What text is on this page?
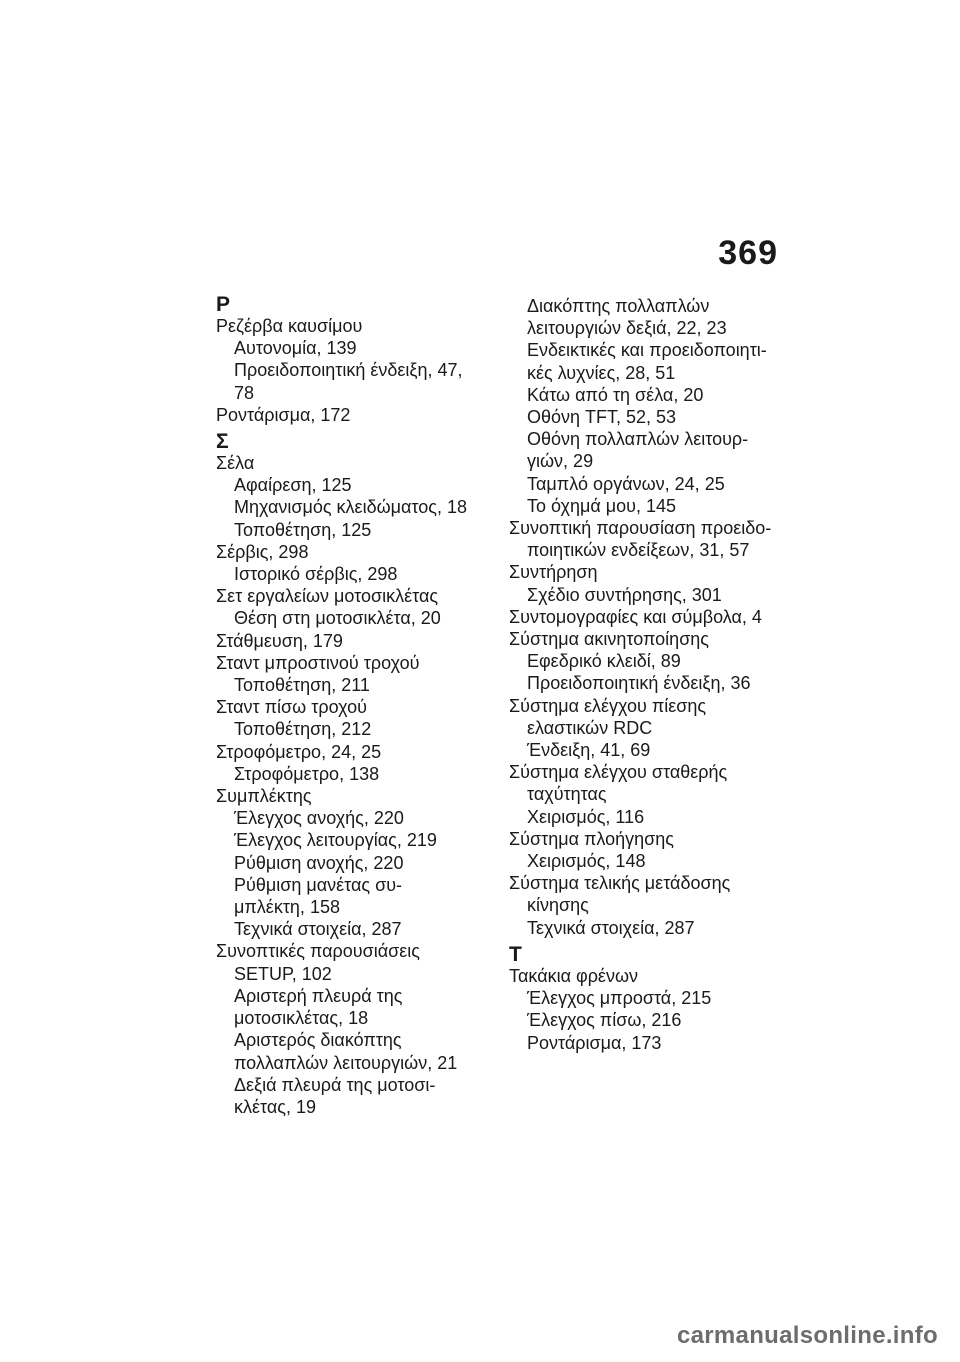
369
Ρ
Ρεζέρβα καυσίμου
Αυτονομία, 139
Προειδοποιητική ένδειξη, 47,
78
Ροντάρισμα, 172
Σ
Σέλα
Αφαίρεση, 125
Μηχανισμός κλειδώματος, 18
Τοποθέτηση, 125
Σέρβις, 298
Ιστορικό σέρβις, 298
Σετ εργαλείων μοτοσικλέτας
Θέση στη μοτοσικλέτα, 20
Στάθμευση, 179
Σταντ μπροστινού τροχού
Τοποθέτηση, 211
Σταντ πίσω τροχού
Τοποθέτηση, 212
Στροφόμετρο, 24, 25
Στροφόμετρο, 138
Συμπλέκτης
Έλεγχος ανοχής, 220
Έλεγχος λειτουργίας, 219
Ρύθμιση ανοχής, 220
Ρύθμιση μανέτας συ-
μπλέκτη, 158
Τεχνικά στοιχεία, 287
Συνοπτικές παρουσιάσεις
SETUP, 102
Αριστερή πλευρά της
μοτοσικλέτας, 18
Αριστερός διακόπτης
πολλαπλών λειτουργιών, 21
Δεξιά πλευρά της μοτοσι-
κλέτας, 19
Διακόπτης πολλαπλών
λειτουργιών δεξιά, 22, 23
Ενδεικτικές και προειδοποιητι-
κές λυχνίες, 28, 51
Κάτω από τη σέλα, 20
Οθόνη TFT, 52, 53
Οθόνη πολλαπλών λειτουρ-
γιών, 29
Ταμπλό οργάνων, 24, 25
Το όχημά μου, 145
Συνοπτική παρουσίαση προειδο-
ποιητικών ενδείξεων, 31, 57
Συντήρηση
Σχέδιο συντήρησης, 301
Συντομογραφίες και σύμβολα, 4
Σύστημα ακινητοποίησης
Εφεδρικό κλειδί, 89
Προειδοποιητική ένδειξη, 36
Σύστημα ελέγχου πίεσης
ελαστικών RDC
Ένδειξη, 41, 69
Σύστημα ελέγχου σταθερής
ταχύτητας
Χειρισμός, 116
Σύστημα πλοήγησης
Χειρισμός, 148
Σύστημα τελικής μετάδοσης
κίνησης
Τεχνικά στοιχεία, 287
Τ
Τακάκια φρένων
Έλεγχος μπροστά, 215
Έλεγχος πίσω, 216
Ροντάρισμα, 173
carmanualsonline.info
